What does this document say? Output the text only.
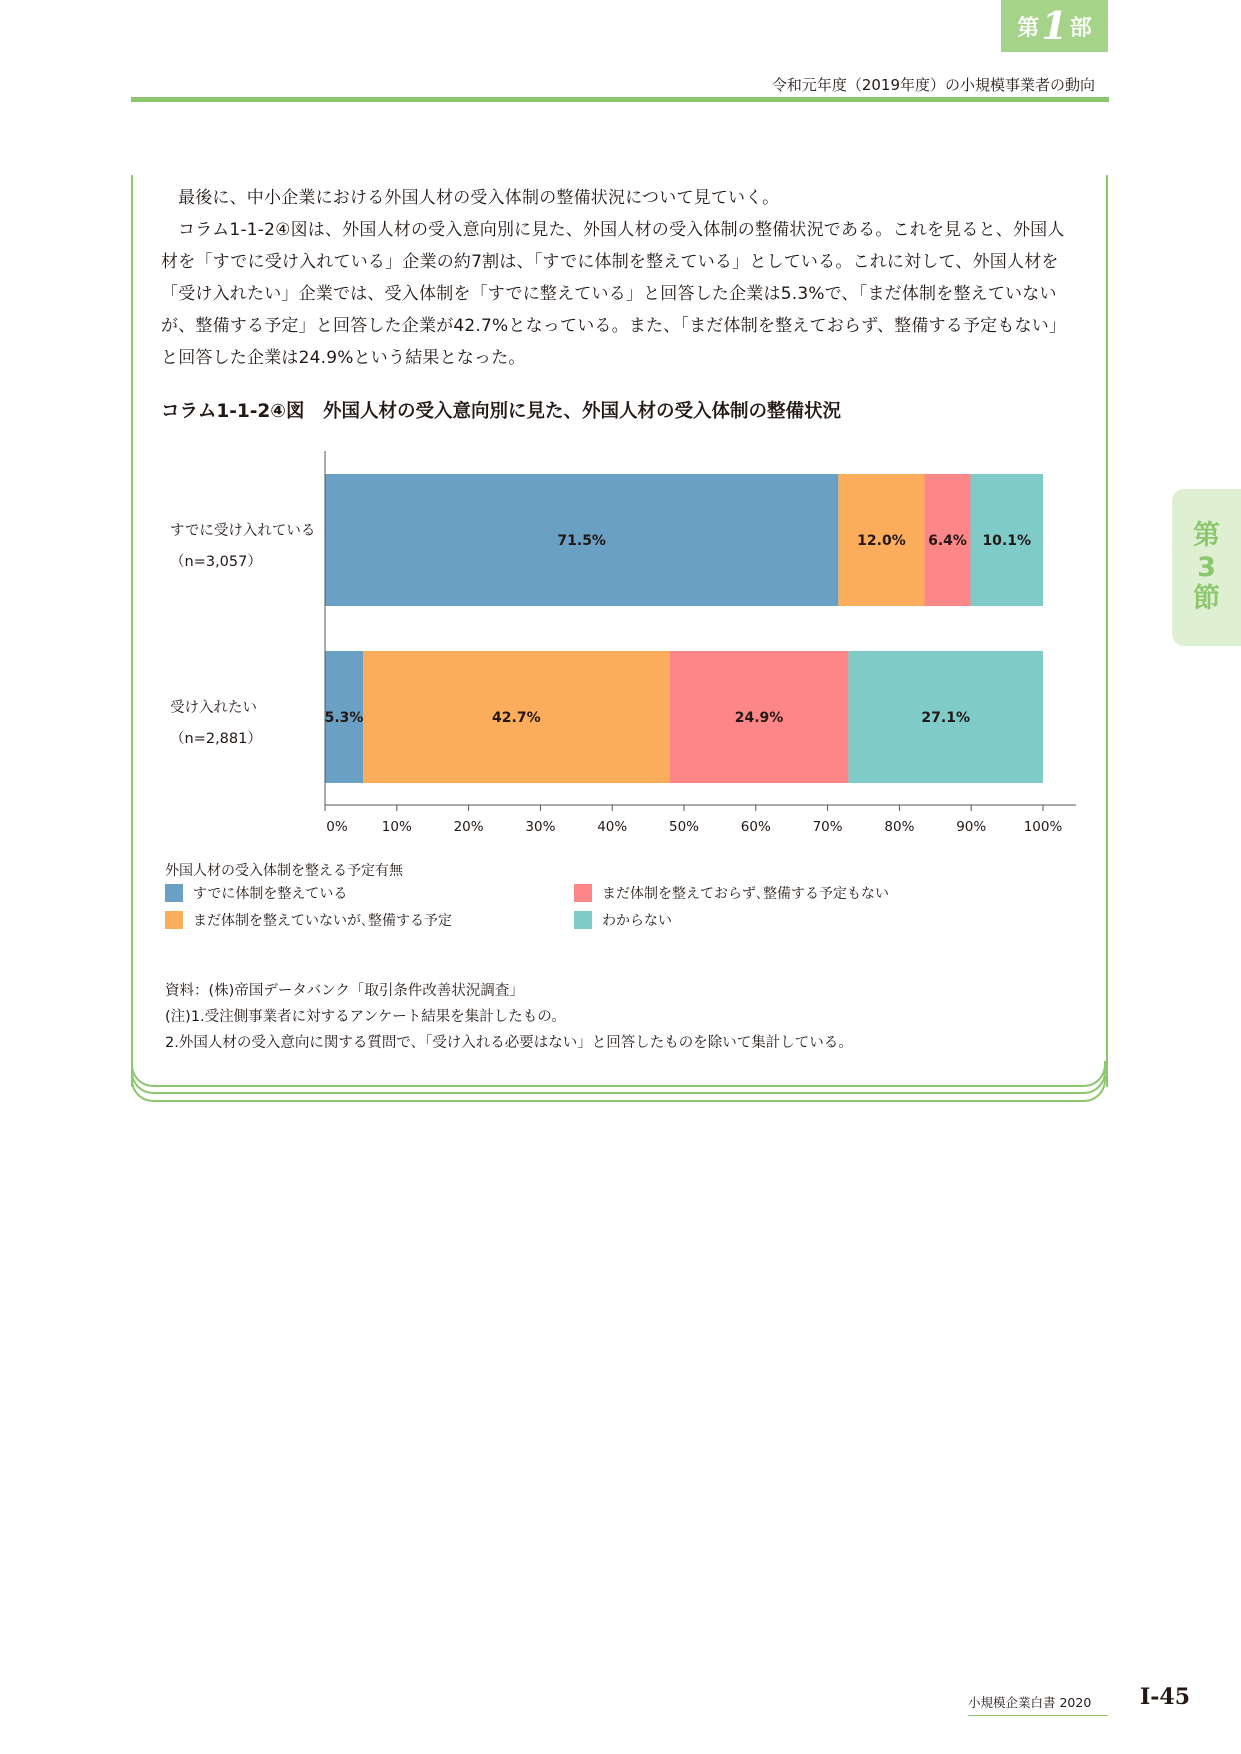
第 1 部
令和元年度（2019年度）の小規模事業者の動向
第
3
節

最後に、中小企業における外国人材の受入体制の整備状況について見ていく。

コラム1-1-2④図は、外国人材の受入意向別に見た、外国人材の受入体制の整備状況である。これを見ると、外国人材を「すでに受け入れている」企業の約7割は、「すでに体制を整えている」としている。これに対して、外国人材を「受け入れたい」企業では、受入体制を「すでに整えている」と回答した企業は5.3%で、「まだ体制を整えていないが、整備する予定」と回答した企業が42.7%となっている。また、「まだ体制を整えておらず、整備する予定もない」と回答した企業は24.9%という結果となった。

コラム1-1-2④図　外国人材の受入意向別に見た、外国人材の受入体制の整備状況
71.5%	12.0% 6.4% 10.1%
すでに受け入れている
（n=3,057）
5.3%	42.7%	24.9%	27.1%
受け入れたい
（n=2,881）
0%	10%	20%	30%	40%	50%	60%	70%	80%	90%	100%
外国人材の受入体制を整える予定有無
すでに体制を整えている
まだ体制を整えていないが､整備する予定
まだ体制を整えておらず､整備する予定もない
わからない
資料：(株)帝国データバンク「取引条件改善状況調査」
(注)1.受注側事業者に対するアンケート結果を集計したもの。
2.外国人材の受入意向に関する質問で、「受け入れる必要はない」と回答したものを除いて集計している。
小規模企業白書 2020 Ⅰ-45
